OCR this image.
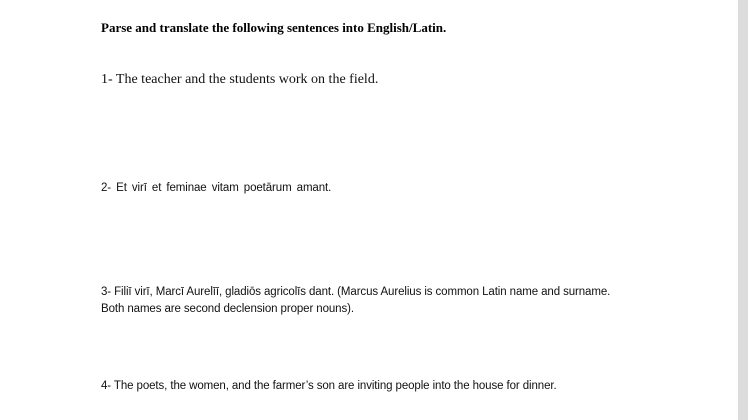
Parse and translate the following sentences into English/Latin.
1- The teacher and the students work on the field.
2- Et virī et feminae vitam poetārum amant.
3- Filiī virī, Marcī Aurelīī, gladiōs agricolīs dant. (Marcus Aurelius is common Latin name and surname.
Both names are second declension proper nouns).
4- The poets, the women, and the farmer’s son are inviting people into the house for dinner.
